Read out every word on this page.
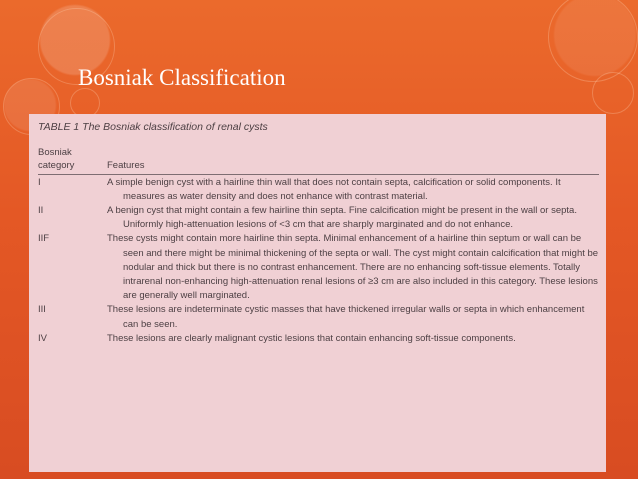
Bosniak Classification
TABLE 1 The Bosniak classification of renal cysts
Bosniak
category	Features
I	A simple benign cyst with a hairline thin wall that does not contain septa, calcification or solid components. It measures as water density and does not enhance with contrast material.
II	A benign cyst that might contain a few hairline thin septa. Fine calcification might be present in the wall or septa. Uniformly high-attenuation lesions of <3 cm that are sharply marginated and do not enhance.
IIF	These cysts might contain more hairline thin septa. Minimal enhancement of a hairline thin septum or wall can be seen and there might be minimal thickening of the septa or wall. The cyst might contain calcification that might be nodular and thick but there is no contrast enhancement. There are no enhancing soft-tissue elements. Totally intrarenal non-enhancing high-attenuation renal lesions of ≥3 cm are also included in this category. These lesions are generally well marginated.
III	These lesions are indeterminate cystic masses that have thickened irregular walls or septa in which enhancement can be seen.
IV	These lesions are clearly malignant cystic lesions that contain enhancing soft-tissue components.
